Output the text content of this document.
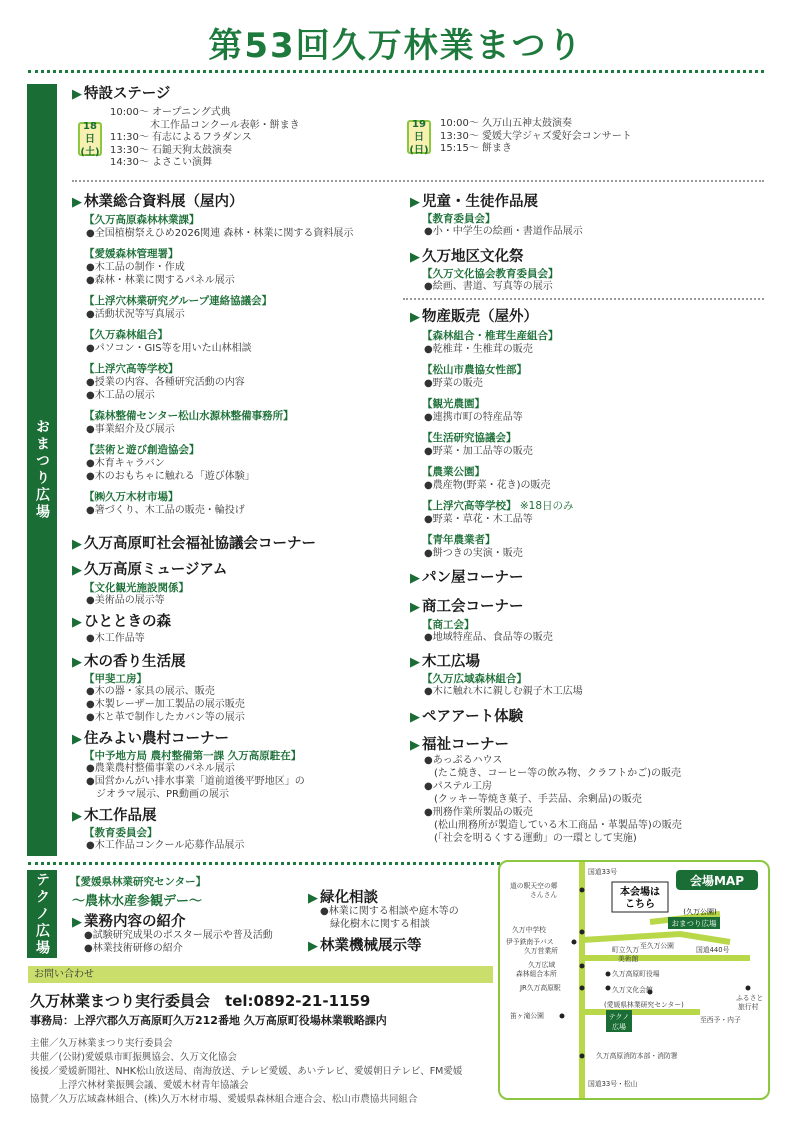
第53回久万林業まつり
おまつり広場
テクノ広場
▶ 特設ステージ
18日
(土)
10:00〜 オープニング式典
　　　　木工作品コンクール表彰・餅まき
11:30〜 有志によるフラダンス
13:30〜 石鎚天狗太鼓演奏
14:30〜 よさこい演舞
19日
(日)
10:00〜 久万山五神太鼓演奏
13:30〜 愛媛大学ジャズ愛好会コンサート
15:15〜 餅まき
▶ 林業総合資料展（屋内）
【久万高原森林林業課】
●全国植樹祭えひめ2026関連 森林・林業に関する資料展示
【愛媛森林管理署】
●木工品の制作・作成
●森林・林業に関するパネル展示
【上浮穴林業研究グループ連絡協議会】
●活動状況等写真展示
【久万森林組合】
●パソコン・GIS等を用いた山林相談
【上浮穴高等学校】
●授業の内容、各種研究活動の内容
●木工品の展示
【森林整備センター松山水源林整備事務所】
●事業紹介及び展示
【芸術と遊び創造協会】
●木育キャラバン
●木のおもちゃに触れる「遊び体験」
【㈱久万木材市場】
●箸づくり、木工品の販売・輪投げ
▶ 久万高原町社会福祉協議会コーナー
▶ 久万高原ミュージアム
【文化観光施設関係】
●美術品の展示等
▶ ひとときの森
●木工作品等
▶ 木の香り生活展
【甲斐工房】
●木の器・家具の展示、販売
●木製レーザー加工製品の展示販売
●木と革で制作したカバン等の展示
▶ 住みよい農村コーナー
【中予地方局 農村整備第一課 久万高原駐在】
●農業農村整備事業のパネル展示
●国営かんがい排水事業「道前道後平野地区」の
　ジオラマ展示、PR動画の展示
▶ 木工作品展
【教育委員会】
●木工作品コンクール応募作品展示
▶ 児童・生徒作品展
【教育委員会】
●小・中学生の絵画・書道作品展示
▶ 久万地区文化祭
【久万文化協会教育委員会】
●絵画、書道、写真等の展示
▶ 物産販売（屋外）
【森林組合・椎茸生産組合】
●乾椎茸・生椎茸の販売
【松山市農協女性部】
●野菜の販売
【観光農園】
●連携市町の特産品等
【生活研究協議会】
●野菜・加工品等の販売
【農業公園】
●農産物(野菜・花き)の販売
【上浮穴高等学校】 ※18日のみ
●野菜・草花・木工品等
【青年農業者】
●餅つきの実演・販売
▶ パン屋コーナー
▶ 商工会コーナー
【商工会】
●地域特産品、食品等の販売
▶ 木工広場
【久万広域森林組合】
●木に触れ木に親しむ親子木工広場
▶ ペアアート体験
▶ 福祉コーナー
●あっぷるハウス
　(たこ焼き、コーヒー等の飲み物、クラフトかご)の販売
●パステル工房
　(クッキー等焼き菓子、手芸品、余剰品)の販売
●刑務作業所製品の販売
　(松山刑務所が製造している木工商品・革製品等)の販売
　(「社会を明るくする運動」の一環として実施)
【愛媛県林業研究センター】
〜農林水産参観デー〜
▶ 業務内容の紹介
●試験研究成果のポスター展示や普及活動
●林業技術研修の紹介
▶ 緑化相談
●林業に関する相談や庭木等の
　緑化樹木に関する相談
▶ 林業機械展示等
お問い合わせ
久万林業まつり実行委員会　 tel:0892-21-1159
事務局：上浮穴郡久万高原町久万212番地 久万高原町役場林業戦略課内
主催／久万林業まつり実行委員会
共催／(公財)愛媛県市町振興協会、久万文化協会
後援／愛媛新聞社、NHK松山放送局、南海放送、テレビ愛媛、あいテレビ、愛媛朝日テレビ、FM愛媛
　　　上浮穴林材業振興会議、愛媛木材青年協議会
協賛／久万広域森林組合、(株)久万木材市場、愛媛県森林組合連合会、松山市農協共同組合
会場MAP
本会場は
こちら
(久万公園)
おまつり広場
テクノ
広場
国道33号
道の駅天空の郷
さんさん
久万中学校
伊予鉄南予バス
久万営業所	町立久万
美術館
至久万公園	国道440号
久万広域
森林組合本所	久万高原町役場
JR久万高原駅	久万文化会館
ふるさと
旅行村
笛ヶ滝公園	至西予・内子
(愛媛県林業研究センター)
久万高原消防本部・消防署
国道33号・松山
